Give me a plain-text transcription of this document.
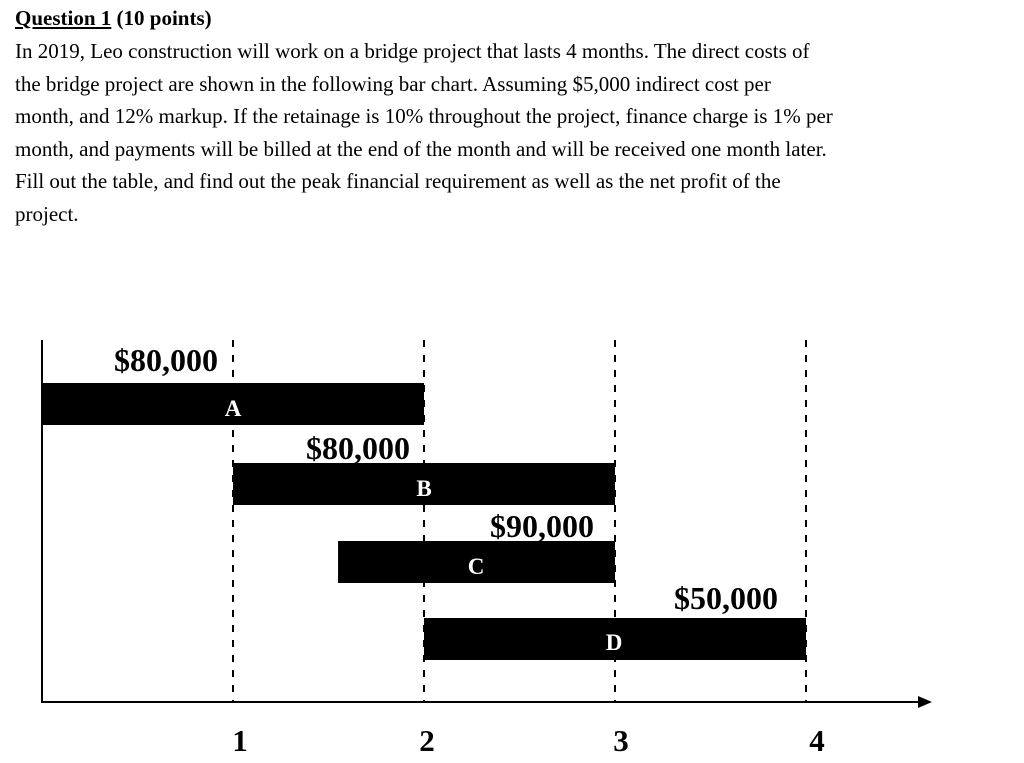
Question 1 (10 points)
In 2019, Leo construction will work on a bridge project that lasts 4 months. The direct costs of
the bridge project are shown in the following bar chart. Assuming $5,000 indirect cost per
month, and 12% markup. If the retainage is 10% throughout the project, finance charge is 1% per
month, and payments will be billed at the end of the month and will be received one month later.
Fill out the table, and find out the peak financial requirement as well as the net profit of the
project.
$80,000
$80,000
$90,000
$50,000
A
B
C
D
1	2	3	4
